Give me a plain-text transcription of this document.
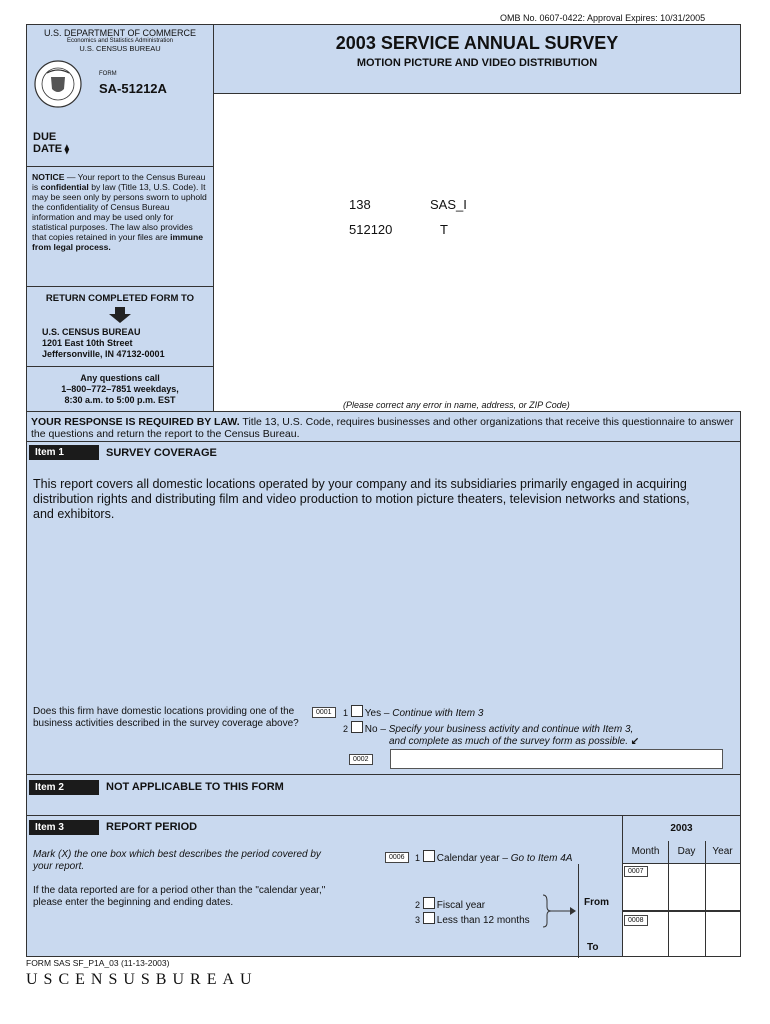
OMB No. 0607-0422: Approval Expires: 10/31/2005
U.S. DEPARTMENT OF COMMERCE
Economics and Statistics Administration
U.S. CENSUS BUREAU
FORM
SA-51212A
DUE
DATE ⧫
2003 SERVICE ANNUAL SURVEY
MOTION PICTURE AND VIDEO DISTRIBUTION
NOTICE — Your report to the Census Bureau is confidential by law (Title 13, U.S. Code). It may be seen only by persons sworn to uphold the confidentiality of Census Bureau information and may be used only for statistical purposes. The law also provides that copies retained in your files are immune from legal process.
RETURN COMPLETED FORM TO
U.S. CENSUS BUREAU
1201 East 10th Street
Jeffersonville, IN 47132-0001
Any questions call
1–800–772–7851 weekdays,
8:30 a.m. to 5:00 p.m. EST
138	SAS_I
512120	T
(Please correct any error in name, address, or ZIP Code)
YOUR RESPONSE IS REQUIRED BY LAW. Title 13, U.S. Code, requires businesses and other organizations that receive this questionnaire to answer the questions and return the report to the Census Bureau.
Item 1	SURVEY COVERAGE
This report covers all domestic locations operated by your company and its subsidiaries primarily engaged in acquiring distribution rights and distributing film and video production to motion picture theaters, television networks and stations, and exhibitors.
Does this firm have domestic locations providing one of the business activities described in the survey coverage above?
0001	1 Yes – Continue with Item 3
2 No – Specify your business activity and continue with Item 3,
and complete as much of the survey form as possible. ↙
0002
Item 2	NOT APPLICABLE TO THIS FORM
Item 3	REPORT PERIOD
Mark (X) the one box which best describes the period covered by your report.
If the data reported are for a period other than the "calendar year," please enter the beginning and ending dates.
0006	1 Calendar year – Go to Item 4A
2 Fiscal year
3 Less than 12 months
From
To
2003
Month	Day	Year
0007
0008
FORM SAS SF_P1A_03 (11-13-2003)
USCENSUSBUREAU
